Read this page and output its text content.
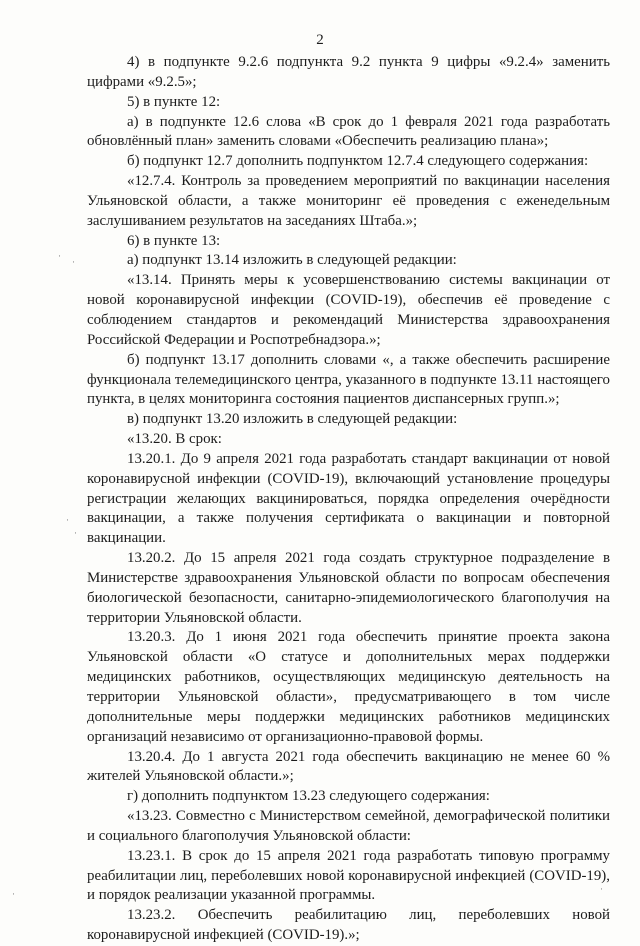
2

4) в подпункте 9.2.6 подпункта 9.2 пункта 9 цифры «9.2.4» заменить цифрами «9.2.5»;

5) в пункте 12:

а) в подпункте 12.6 слова «В срок до 1 февраля 2021 года разработать обновлённый план» заменить словами «Обеспечить реализацию плана»;

б) подпункт 12.7 дополнить подпунктом 12.7.4 следующего содержания:

«12.7.4. Контроль за проведением мероприятий по вакцинации населения Ульяновской области, а также мониторинг её проведения с еженедельным заслушиванием результатов на заседаниях Штаба.»;

6) в пункте 13:

а) подпункт 13.14 изложить в следующей редакции:

«13.14. Принять меры к усовершенствованию системы вакцинации от новой коронавирусной инфекции (COVID-19), обеспечив её проведение с соблюдением стандартов и рекомендаций Министерства здравоохранения Российской Федерации и Роспотребнадзора.»;

б) подпункт 13.17 дополнить словами «, а также обеспечить расширение функционала телемедицинского центра, указанного в подпункте 13.11 настоящего пункта, в целях мониторинга состояния пациентов диспансерных групп.»;

в) подпункт 13.20 изложить в следующей редакции:

«13.20. В срок:

13.20.1. До 9 апреля 2021 года разработать стандарт вакцинации от новой коронавирусной инфекции (COVID-19), включающий установление процедуры регистрации желающих вакцинироваться, порядка определения очерёдности вакцинации, а также получения сертификата о вакцинации и повторной вакцинации.

13.20.2. До 15 апреля 2021 года создать структурное подразделение в Министерстве здравоохранения Ульяновской области по вопросам обеспечения биологической безопасности, санитарно-эпидемиологического благополучия на территории Ульяновской области.

13.20.3. До 1 июня 2021 года обеспечить принятие проекта закона Ульяновской области «О статусе и дополнительных мерах поддержки медицинских работников, осуществляющих медицинскую деятельность на территории Ульяновской области», предусматривающего в том числе дополнительные меры поддержки медицинских работников медицинских организаций независимо от организационно-правовой формы.

13.20.4. До 1 августа 2021 года обеспечить вакцинацию не менее 60 % жителей Ульяновской области.»;

г) дополнить подпунктом 13.23 следующего содержания:

«13.23. Совместно с Министерством семейной, демографической политики и социального благополучия Ульяновской области:

13.23.1. В срок до 15 апреля 2021 года разработать типовую программу реабилитации лиц, переболевших новой коронавирусной инфекцией (COVID-19), и порядок реализации указанной программы.

13.23.2. Обеспечить реабилитацию лиц, переболевших новой коронавирусной инфекцией (COVID-19).»;

·
·
·
·
·	·
